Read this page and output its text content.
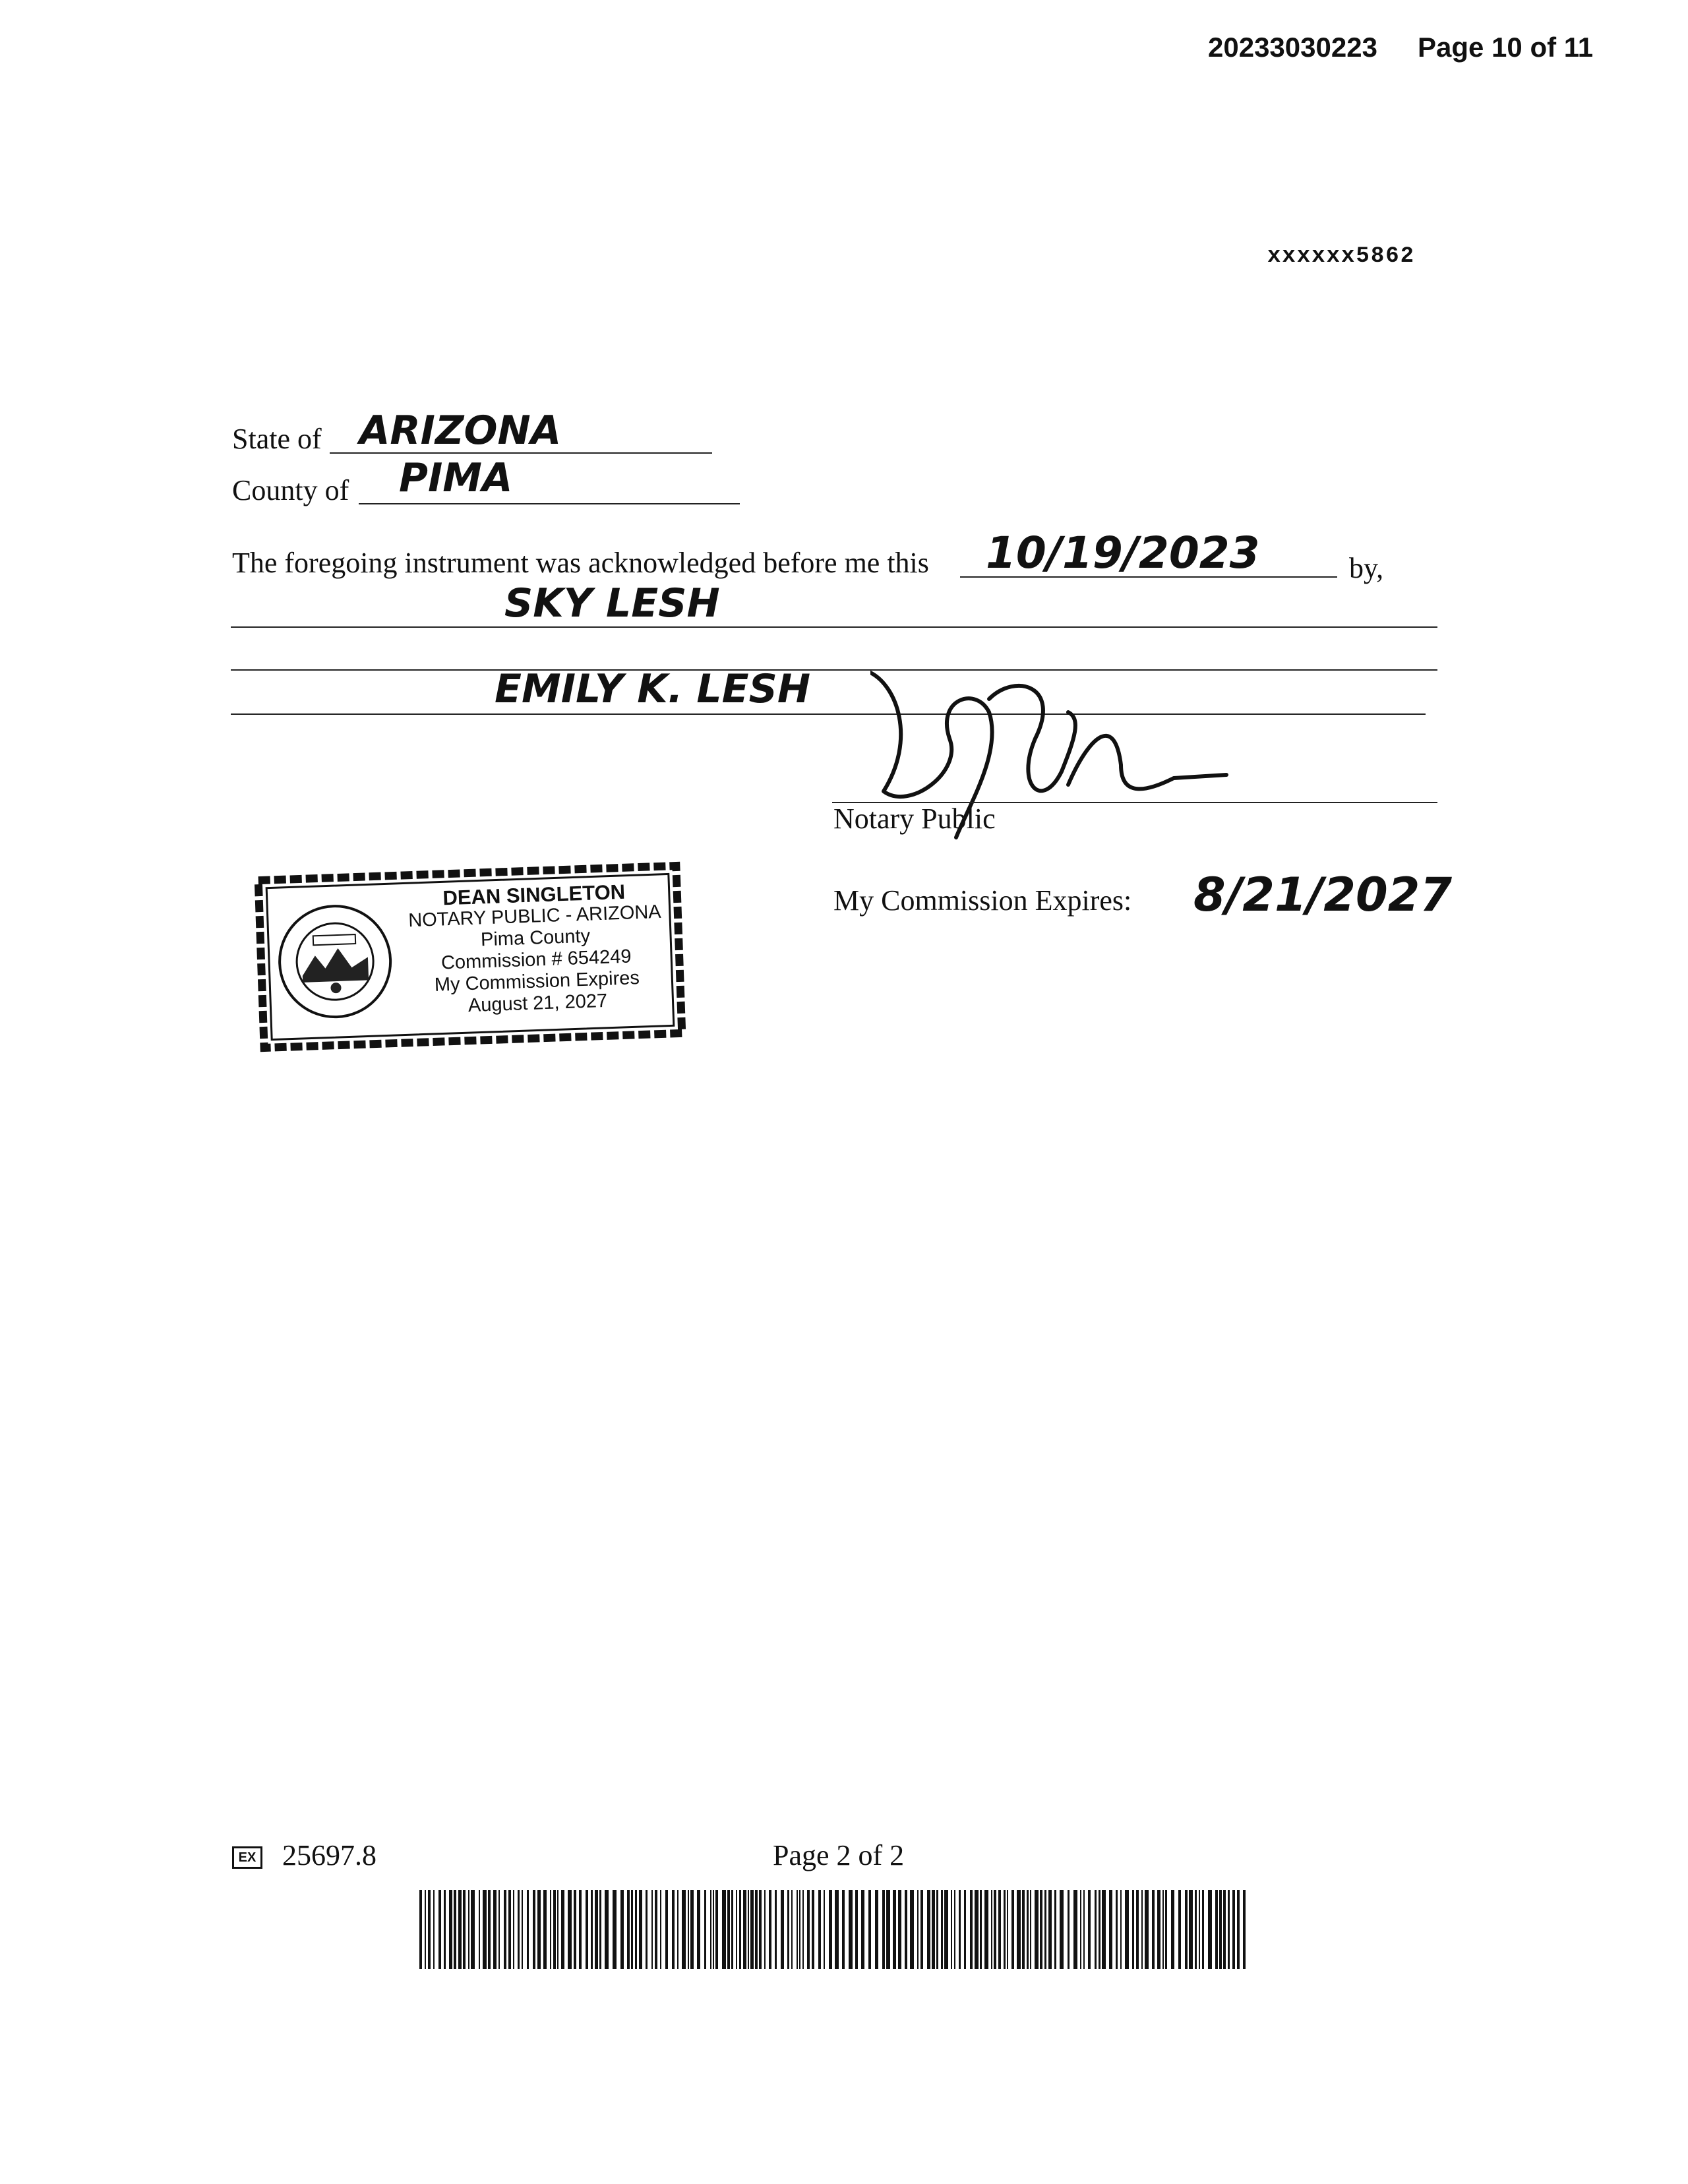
20233030223 Page 10 of 11
xxxxxx5862
State of ARIZONA
County of PIMA
The foregoing instrument was acknowledged before me this 10/19/2023	by,
SKY LESH
EMILY K. LESH
Notary Public
My Commission Expires: 8/21/2027
DEAN SINGLETON
NOTARY PUBLIC - ARIZONA
Pima County
Commission # 654249
My Commission Expires
August 21, 2027
EX 25697.8	Page 2 of 2
